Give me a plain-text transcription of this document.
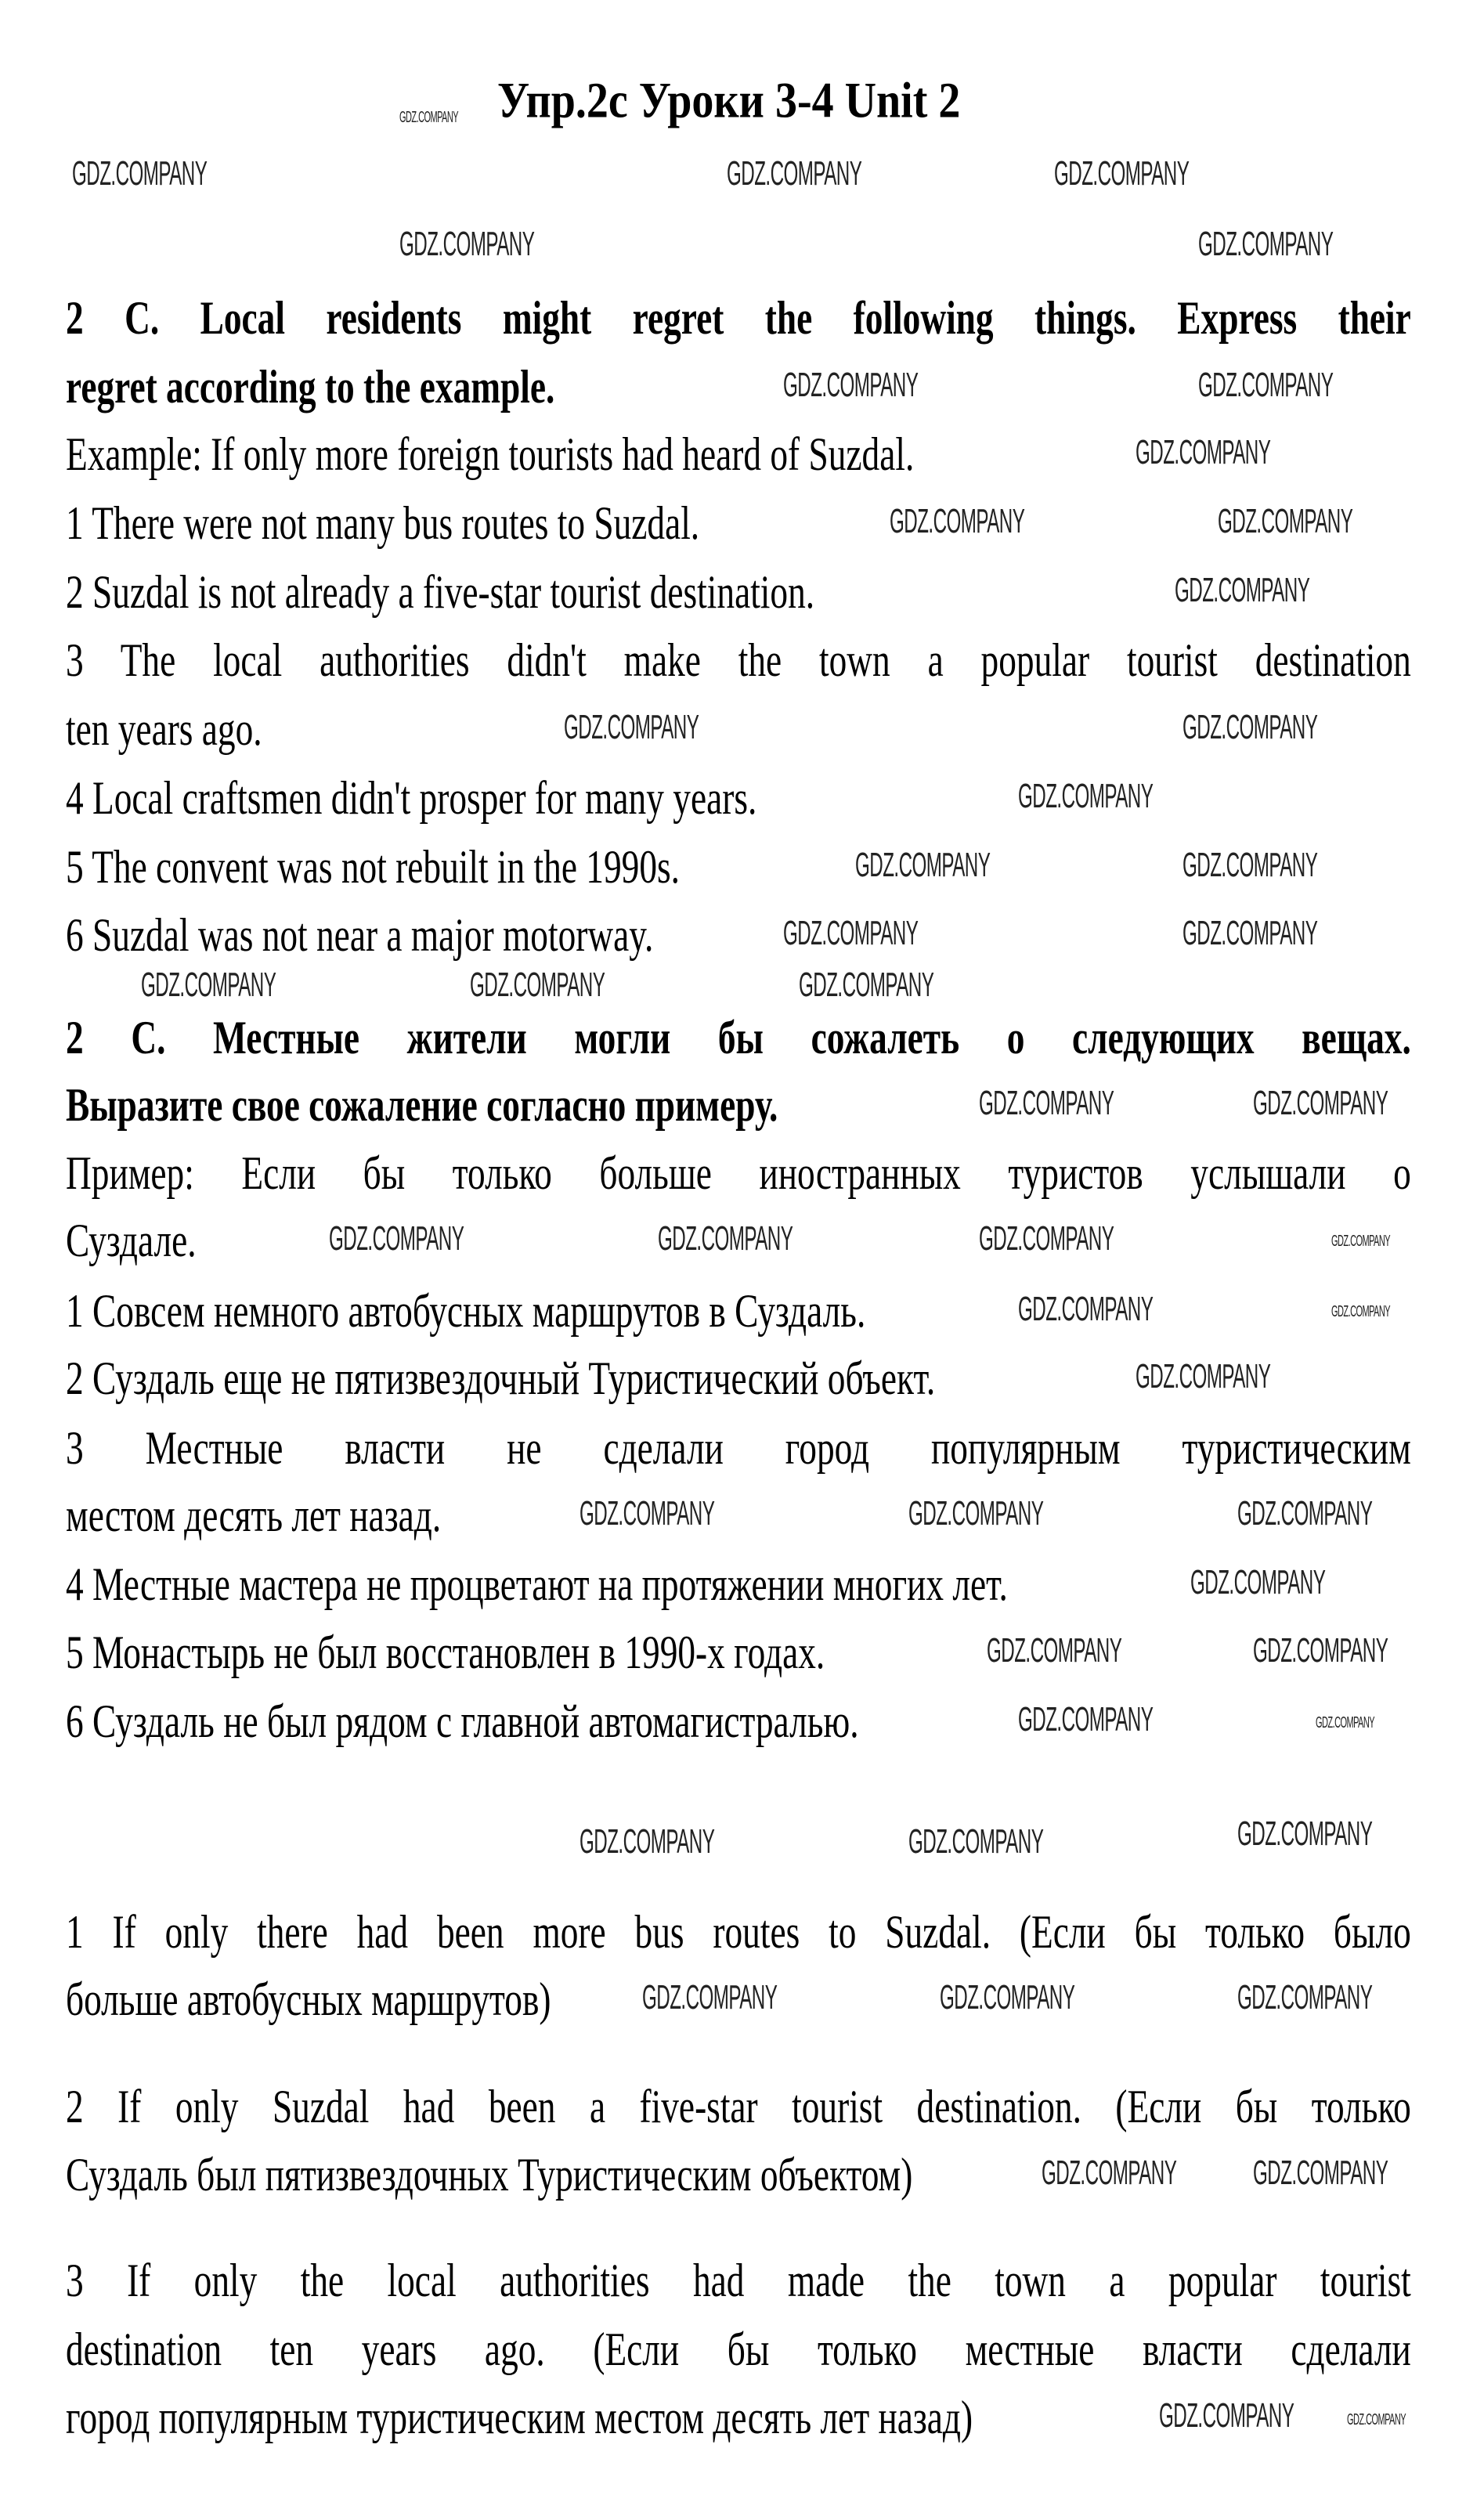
Упр.2с Уроки 3-4 Unit 2
2 C. Local residents might regret the following things. Express their
regret according to the example.
Example: If only more foreign tourists had heard of Suzdal.
1 There were not many bus routes to Suzdal.
2 Suzdal is not already a five-star tourist destination.
3 The local authorities didn't make the town a popular tourist destination
ten years ago.
4 Local craftsmen didn't prosper for many years.
5 The convent was not rebuilt in the 1990s.
6 Suzdal was not near a major motorway.
2 С. Местные жители могли бы сожалеть о следующих вещах.
Выразите свое сожаление согласно примеру.
Пример: Если бы только больше иностранных туристов услышали о
Суздале.
1 Совсем немного автобусных маршрутов в Суздаль.
2 Суздаль еще не пятизвездочный Туристический объект.
3 Местные власти не сделали город популярным туристическим
местом десять лет назад.
4 Местные мастера не процветают на протяжении многих лет.
5 Монастырь не был восстановлен в 1990-х годах.
6 Суздаль не был рядом с главной автомагистралью.
1 If only there had been more bus routes to Suzdal. (Если бы только было
больше автобусных маршрутов)
2 If only Suzdal had been a five-star tourist destination. (Если бы только
Суздаль был пятизвездочных Туристическим объектом)
3 If only the local authorities had made the town a popular tourist
destination ten years ago. (Если бы только местные власти сделали
город популярным туристическим местом десять лет назад)
GDZ.COMPANY	GDZ.COMPANY	GDZ.COMPANY
GDZ.COMPANY	GDZ.COMPANY
GDZ.COMPANY	GDZ.COMPANY
GDZ.COMPANY
GDZ.COMPANY	GDZ.COMPANY
GDZ.COMPANY
GDZ.COMPANY	GDZ.COMPANY
GDZ.COMPANY
GDZ.COMPANY	GDZ.COMPANY
GDZ.COMPANY	GDZ.COMPANY
GDZ.COMPANY	GDZ.COMPANY	GDZ.COMPANY
GDZ.COMPANY	GDZ.COMPANY
GDZ.COMPANY	GDZ.COMPANY	GDZ.COMPANY
GDZ.COMPANY
GDZ.COMPANY
GDZ.COMPANY	GDZ.COMPANY	GDZ.COMPANY
GDZ.COMPANY
GDZ.COMPANY	GDZ.COMPANY
GDZ.COMPANY
GDZ.COMPANY	GDZ.COMPANY	GDZ.COMPANY
GDZ.COMPANY	GDZ.COMPANY	GDZ.COMPANY
GDZ.COMPANY GDZ.COMPANY
GDZ.COMPANY
GDZ.COMPANY
GDZ.COMPANY
GDZ.COMPANY
GDZ.COMPANY
GDZ.COMPANY
